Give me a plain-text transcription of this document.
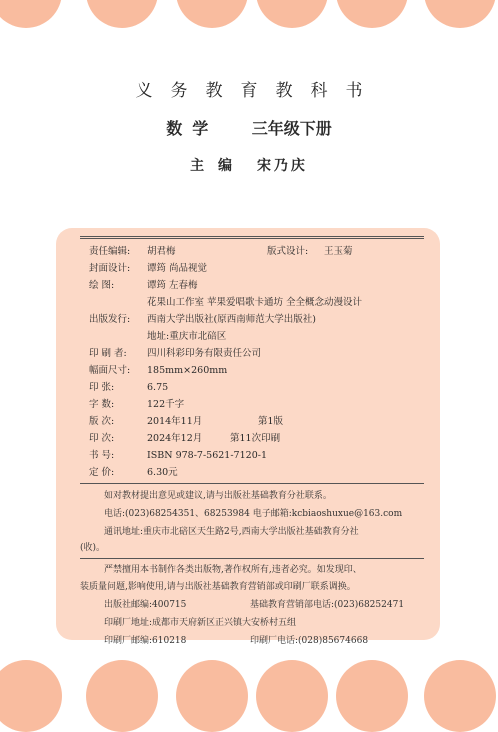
义务教育教科书
数学 三年级下册
主编 宋乃庆
责任编辑: 胡君梅	版式设计: 王玉菊
封面设计: 谭筠 尚品视觉
绘 图:	谭筠 左春梅
花果山工作室 苹果爱唱歌卡通坊 全全概念动漫设计
出版发行: 西南大学出版社(原西南师范大学出版社)
地址:重庆市北碚区
印 刷 者: 四川科彩印务有限责任公司
幅面尺寸: 185mm×260mm
印 张:	6.75
字 数:	122千字
版 次:	2014年11月	第1版
印 次:	2024年12月	第11次印刷
书 号:	ISBN 978-7-5621-7120-1
定 价:	6.30元
如对教材提出意见或建议,请与出版社基础教育分社联系。
电话:(023)68254351、68253984 电子邮箱:kcbiaoshuxue@163.com
通讯地址:重庆市北碚区天生路2号,西南大学出版社基础教育分社
(收)。
严禁擅用本书制作各类出版物,著作权所有,违者必究。如发现印、
装质量问题,影响使用,请与出版社基础教育营销部或印刷厂联系调换。
出版社邮编:400715	基础教育营销部电话:(023)68252471
印刷厂地址:成都市天府新区正兴镇大安桥村五组
印刷厂邮编:610218	印刷厂电话:(028)85674668
